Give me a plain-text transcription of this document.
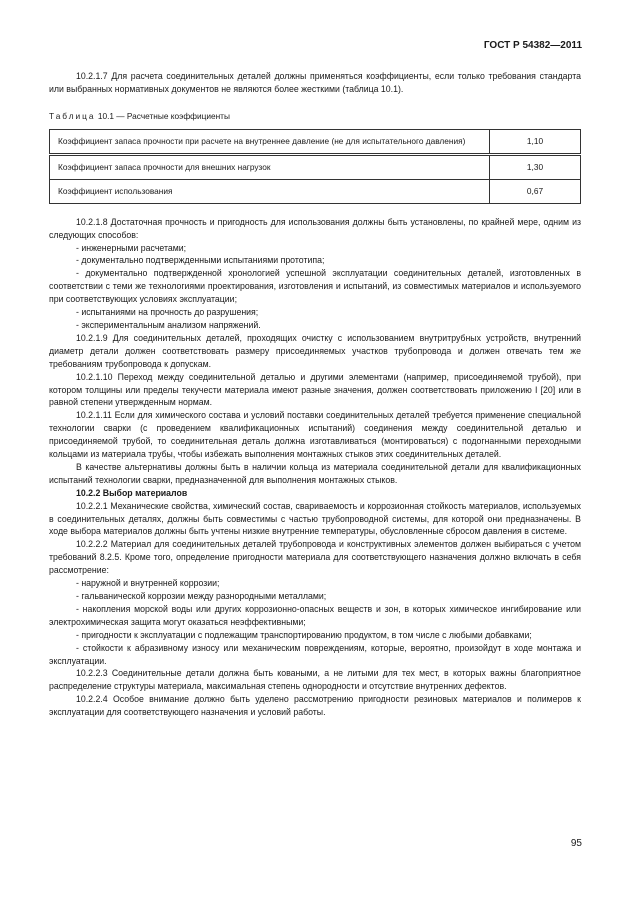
ГОСТ Р 54382—2011

10.2.1.7 Для расчета соединительных деталей должны применяться коэффициенты, если только требования стандарта или выбранных нормативных документов не являются более жесткими (таблица 10.1).

Таблица 10.1 — Расчетные коэффициенты
Коэффициент запаса прочности при расчете на внутреннее давление (не для испытательного давления)	1,10
Коэффициент запаса прочности для внешних нагрузок	1,30
Коэффициент использования	0,67

10.2.1.8 Достаточная прочность и пригодность для использования должны быть установлены, по крайней мере, одним из следующих способов:

- инженерными расчетами;

- документально подтвержденными испытаниями прототипа;

- документально подтвержденной хронологией успешной эксплуатации соединительных деталей, изготовленных в соответствии с теми же технологиями проектирования, изготовления и испытаний, из совместимых материалов и используемого при соответствующих условиях эксплуатации;

- испытаниями на прочность до разрушения;

- экспериментальным анализом напряжений.

10.2.1.9 Для соединительных деталей, проходящих очистку с использованием внутритрубных устройств, внутренний диаметр детали должен соответствовать размеру присоединяемых участков трубопровода и должен отвечать тем же требованиям трубопровода к допускам.

10.2.1.10 Переход между соединительной деталью и другими элементами (например, присоединяемой трубой), при котором толщины или пределы текучести материала имеют разные значения, должен соответствовать приложению I [20] или в равной степени утвержденным нормам.

10.2.1.11 Если для химического состава и условий поставки соединительных деталей требуется применение специальной технологии сварки (с проведением квалификационных испытаний) соединения между соединительной деталью и присоединяемой трубой, то соединительная деталь должна изготавливаться (монтироваться) с подогнанными переходными кольцами из материала трубы, чтобы избежать выполнения монтажных стыков этих соединительных деталей.

В качестве альтернативы должны быть в наличии кольца из материала соединительной детали для квалификационных испытаний технологии сварки, предназначенной для выполнения монтажных стыков.

10.2.2 Выбор материалов

10.2.2.1 Механические свойства, химический состав, свариваемость и коррозионная стойкость материалов, используемых в соединительных деталях, должны быть совместимы с частью трубопроводной системы, для которой они предназначены. В ходе выбора материалов должны быть учтены низкие внутренние температуры, обусловленные сбросом давления в системе.

10.2.2.2 Материал для соединительных деталей трубопровода и конструктивных элементов должен выбираться с учетом требований 8.2.5. Кроме того, определение пригодности материала для соответствующего назначения должно включать в себя рассмотрение:

- наружной и внутренней коррозии;

- гальванической коррозии между разнородными металлами;

- накопления морской воды или других коррозионно-опасных веществ и зон, в которых химическое ингибирование или электрохимическая защита могут оказаться неэффективными;

- пригодности к эксплуатации с подлежащим транспортированию продуктом, в том числе с любыми добавками;

- стойкости к абразивному износу или механическим повреждениям, которые, вероятно, произойдут в ходе монтажа и эксплуатации.

10.2.2.3 Соединительные детали должна быть коваными, а не литыми для тех мест, в которых важны благоприятное распределение структуры материала, максимальная степень однородности и отсутствие внутренних дефектов.

10.2.2.4 Особое внимание должно быть уделено рассмотрению пригодности резиновых материалов и полимеров к эксплуатации для соответствующего назначения и условий работы.

95
